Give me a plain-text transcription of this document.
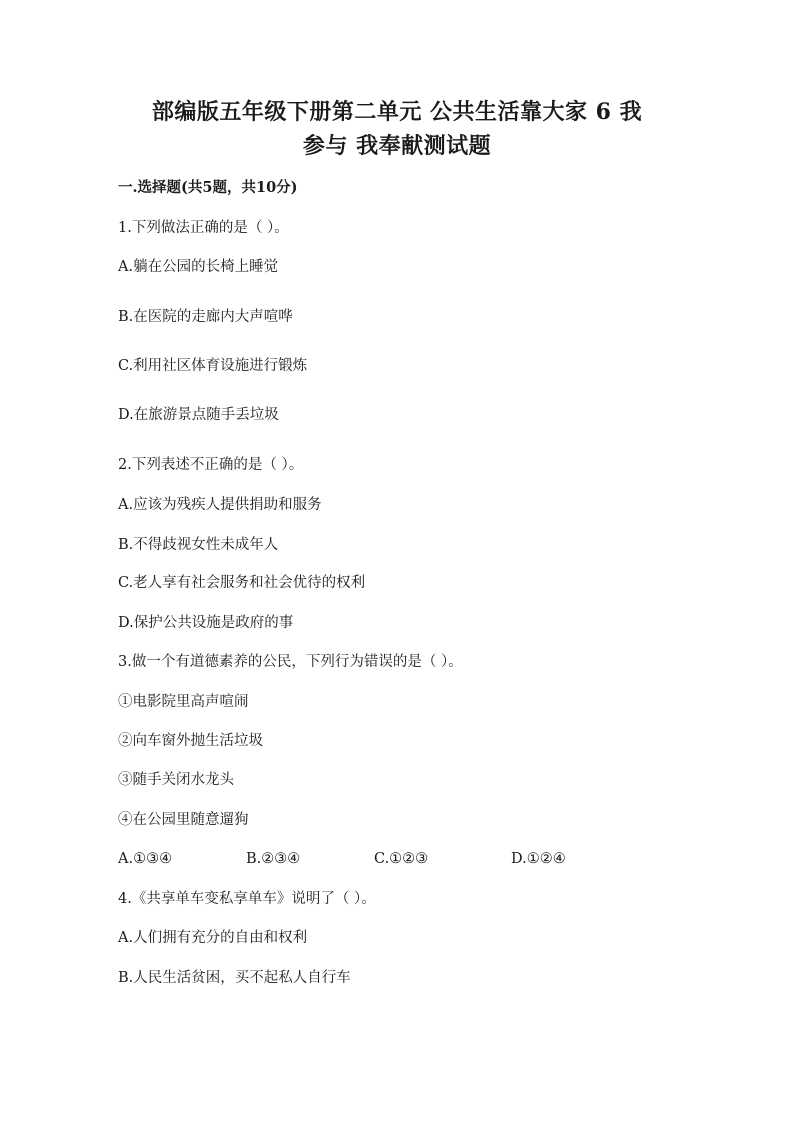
部编版五年级下册第二单元 公共生活靠大家 6 我
参与 我奉献测试题
一.选择题(共5题，共10分)
1.下列做法正确的是（ ）。
A.躺在公园的长椅上睡觉
B.在医院的走廊内大声喧哗
C.利用社区体育设施进行锻炼
D.在旅游景点随手丢垃圾
2.下列表述不正确的是（ ）。
A.应该为残疾人提供捐助和服务
B.不得歧视女性未成年人
C.老人享有社会服务和社会优待的权利
D.保护公共设施是政府的事
3.做一个有道德素养的公民，下列行为错误的是（ ）。
①电影院里高声喧闹
②向车窗外抛生活垃圾
③随手关闭水龙头
④在公园里随意遛狗
A.①③④	B.②③④	C.①②③	D.①②④
4.《共享单车变私享单车》说明了（ ）。
A.人们拥有充分的自由和权利
B.人民生活贫困，买不起私人自行车
